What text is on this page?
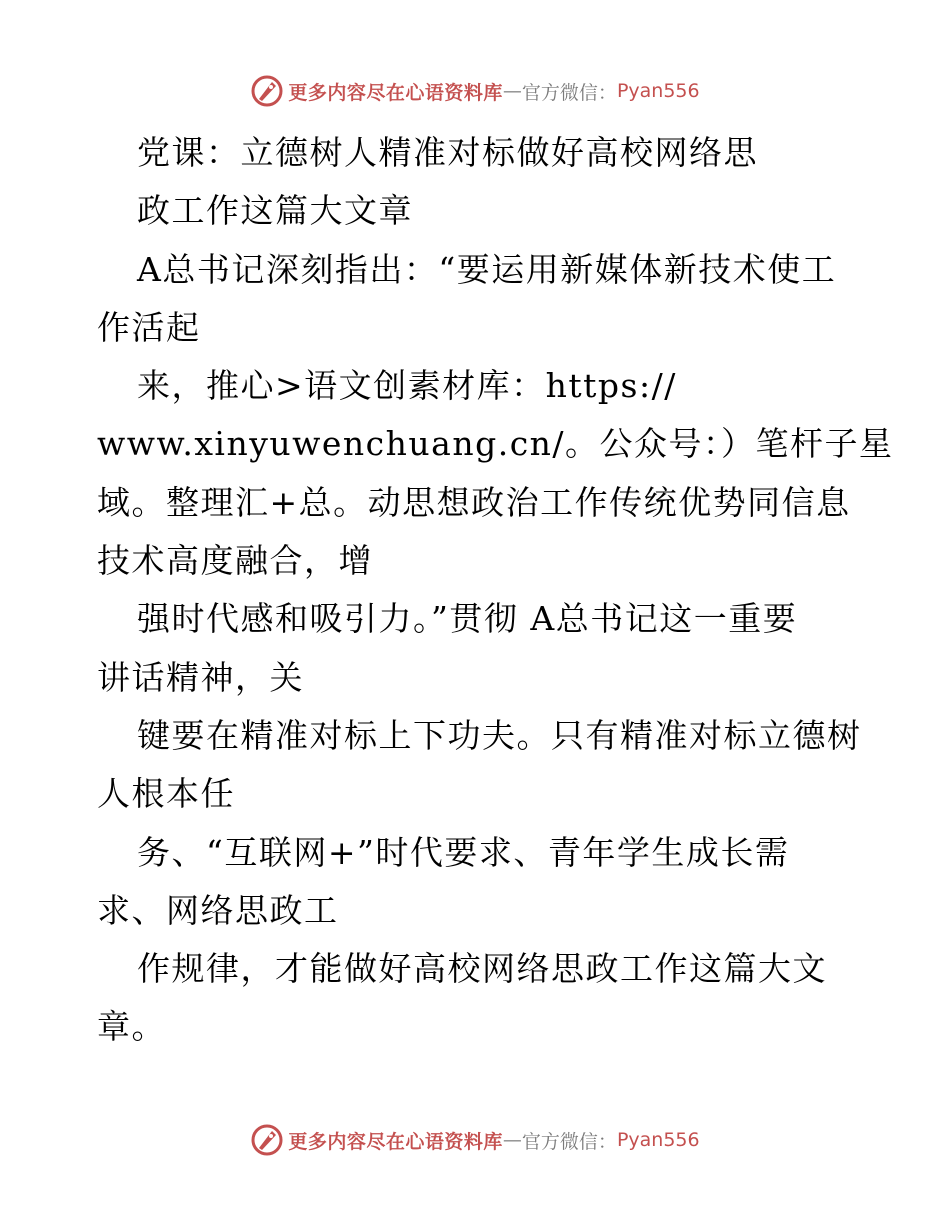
更多内容尽在心语资料库 — 官方微信： Pyan556

党课：立德树人精准对标做好高校网络思

政工作这篇大文章

A总书记深刻指出：“要运用新媒体新技术使工

作活起

来，推心>语文创素材库：https://

www.xinyuwenchuang.cn/。公众号：）笔杆子星

域。整理汇+总。动思想政治工作传统优势同信息

技术高度融合，增

强时代感和吸引力。”贯彻 A总书记这一重要

讲话精神，关

键要在精准对标上下功夫。只有精准对标立德树

人根本任

务、“互联网+”时代要求、青年学生成长需

求、网络思政工

作规律，才能做好高校网络思政工作这篇大文

章。

更多内容尽在心语资料库 — 官方微信： Pyan556
